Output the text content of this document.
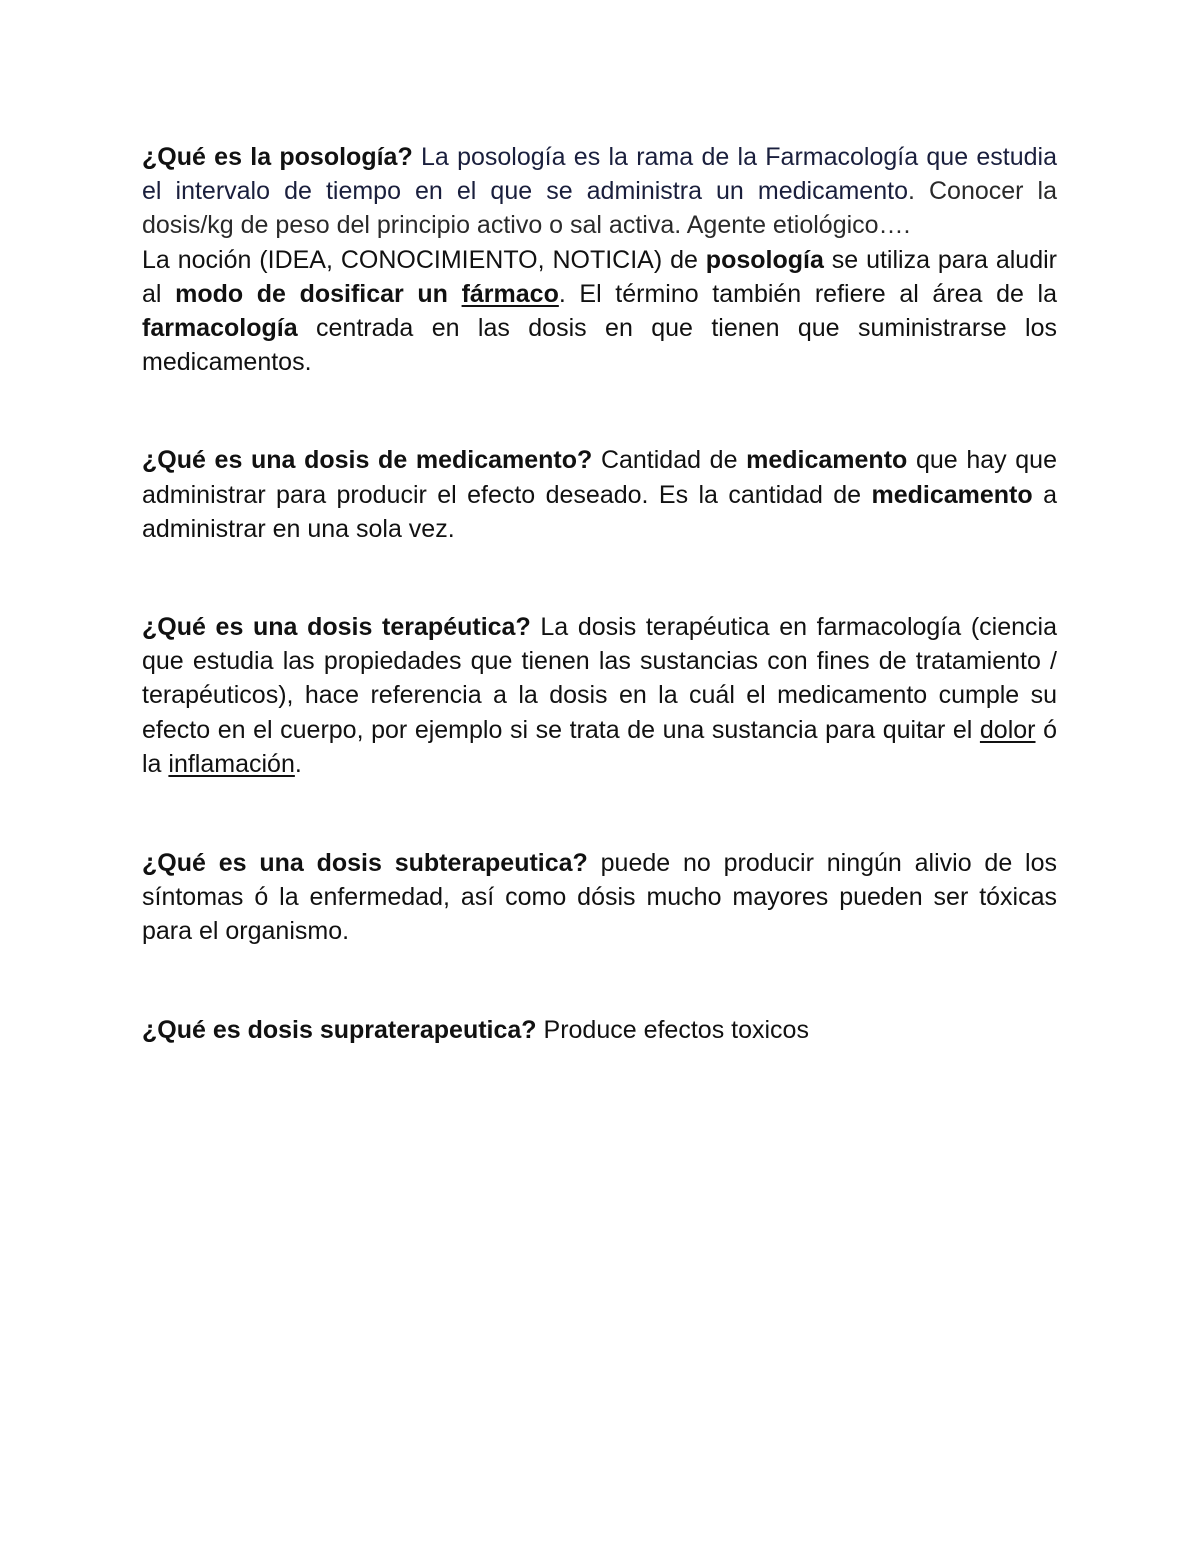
¿Qué es la posología? La posología es la rama de la Farmacología que estudia el intervalo de tiempo en el que se administra un medicamento. Conocer la dosis/kg de peso del principio activo o sal activa. Agente etiológico….

La noción (IDEA, CONOCIMIENTO, NOTICIA) de posología se utiliza para aludir al modo de dosificar un fármaco. El término también refiere al área de la farmacología centrada en las dosis en que tienen que suministrarse los medicamentos.

¿Qué es una dosis de medicamento? Cantidad de medicamento que hay que administrar para producir el efecto deseado. Es la cantidad de medicamento a administrar en una sola vez.

¿Qué es una dosis terapéutica? La dosis terapéutica en farmacología (ciencia que estudia las propiedades que tienen las sustancias con fines de tratamiento / terapéuticos), hace referencia a la dosis en la cuál el medicamento cumple su efecto en el cuerpo, por ejemplo si se trata de una sustancia para quitar el dolor ó la inflamación.

¿Qué es una dosis subterapeutica? puede no producir ningún alivio de los síntomas ó la enfermedad, así como dósis mucho mayores pueden ser tóxicas para el organismo.

¿Qué es dosis supraterapeutica? Produce efectos toxicos
